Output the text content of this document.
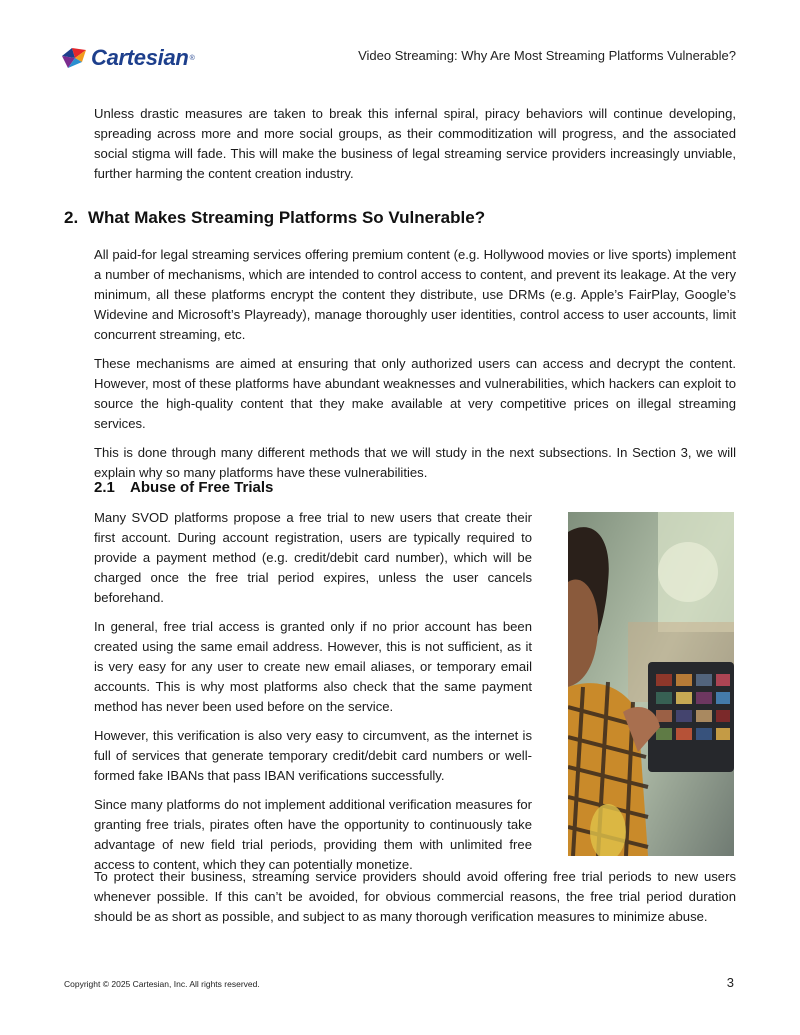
Cartesian ®	Video Streaming: Why Are Most Streaming Platforms Vulnerable?

Unless drastic measures are taken to break this infernal spiral, piracy behaviors will continue developing, spreading across more and more social groups, as their commoditization will progress, and the associated social stigma will fade. This will make the business of legal streaming service providers increasingly unviable, further harming the content creation industry.

2. What Makes Streaming Platforms So Vulnerable?

All paid-for legal streaming services offering premium content (e.g. Hollywood movies or live sports) implement a number of mechanisms, which are intended to control access to content, and prevent its leakage. At the very minimum, all these platforms encrypt the content they distribute, use DRMs (e.g. Apple’s FairPlay, Google’s Widevine and Microsoft’s Playready), manage thoroughly user identities, control access to user accounts, limit concurrent streaming, etc.

These mechanisms are aimed at ensuring that only authorized users can access and decrypt the content. However, most of these platforms have abundant weaknesses and vulnerabilities, which hackers can exploit to source the high-quality content that they make available at very competitive prices on illegal streaming services.

This is done through many different methods that we will study in the next subsections. In Section 3, we will explain why so many platforms have these vulnerabilities.

2.1 Abuse of Free Trials

Many SVOD platforms propose a free trial to new users that create their first account. During account registration, users are typically required to provide a payment method (e.g. credit/debit card number), which will be charged once the free trial period expires, unless the user cancels beforehand.

In general, free trial access is granted only if no prior account has been created using the same email address. However, this is not sufficient, as it is very easy for any user to create new email aliases, or temporary email accounts. This is why most platforms also check that the same payment method has never been used before on the service.

However, this verification is also very easy to circumvent, as the internet is full of services that generate temporary credit/debit card numbers or well-formed fake IBANs that pass IBAN verifications successfully.

Since many platforms do not implement additional verification measures for granting free trials, pirates often have the opportunity to continuously take advantage of new field trial periods, providing them with unlimited free access to content, which they can potentially monetize.

To protect their business, streaming service providers should avoid offering free trial periods to new users whenever possible. If this can’t be avoided, for obvious commercial reasons, the free trial period duration should be as short as possible, and subject to as many thorough verification measures to minimize abuse.

Copyright © 2025 Cartesian, Inc. All rights reserved.	3
